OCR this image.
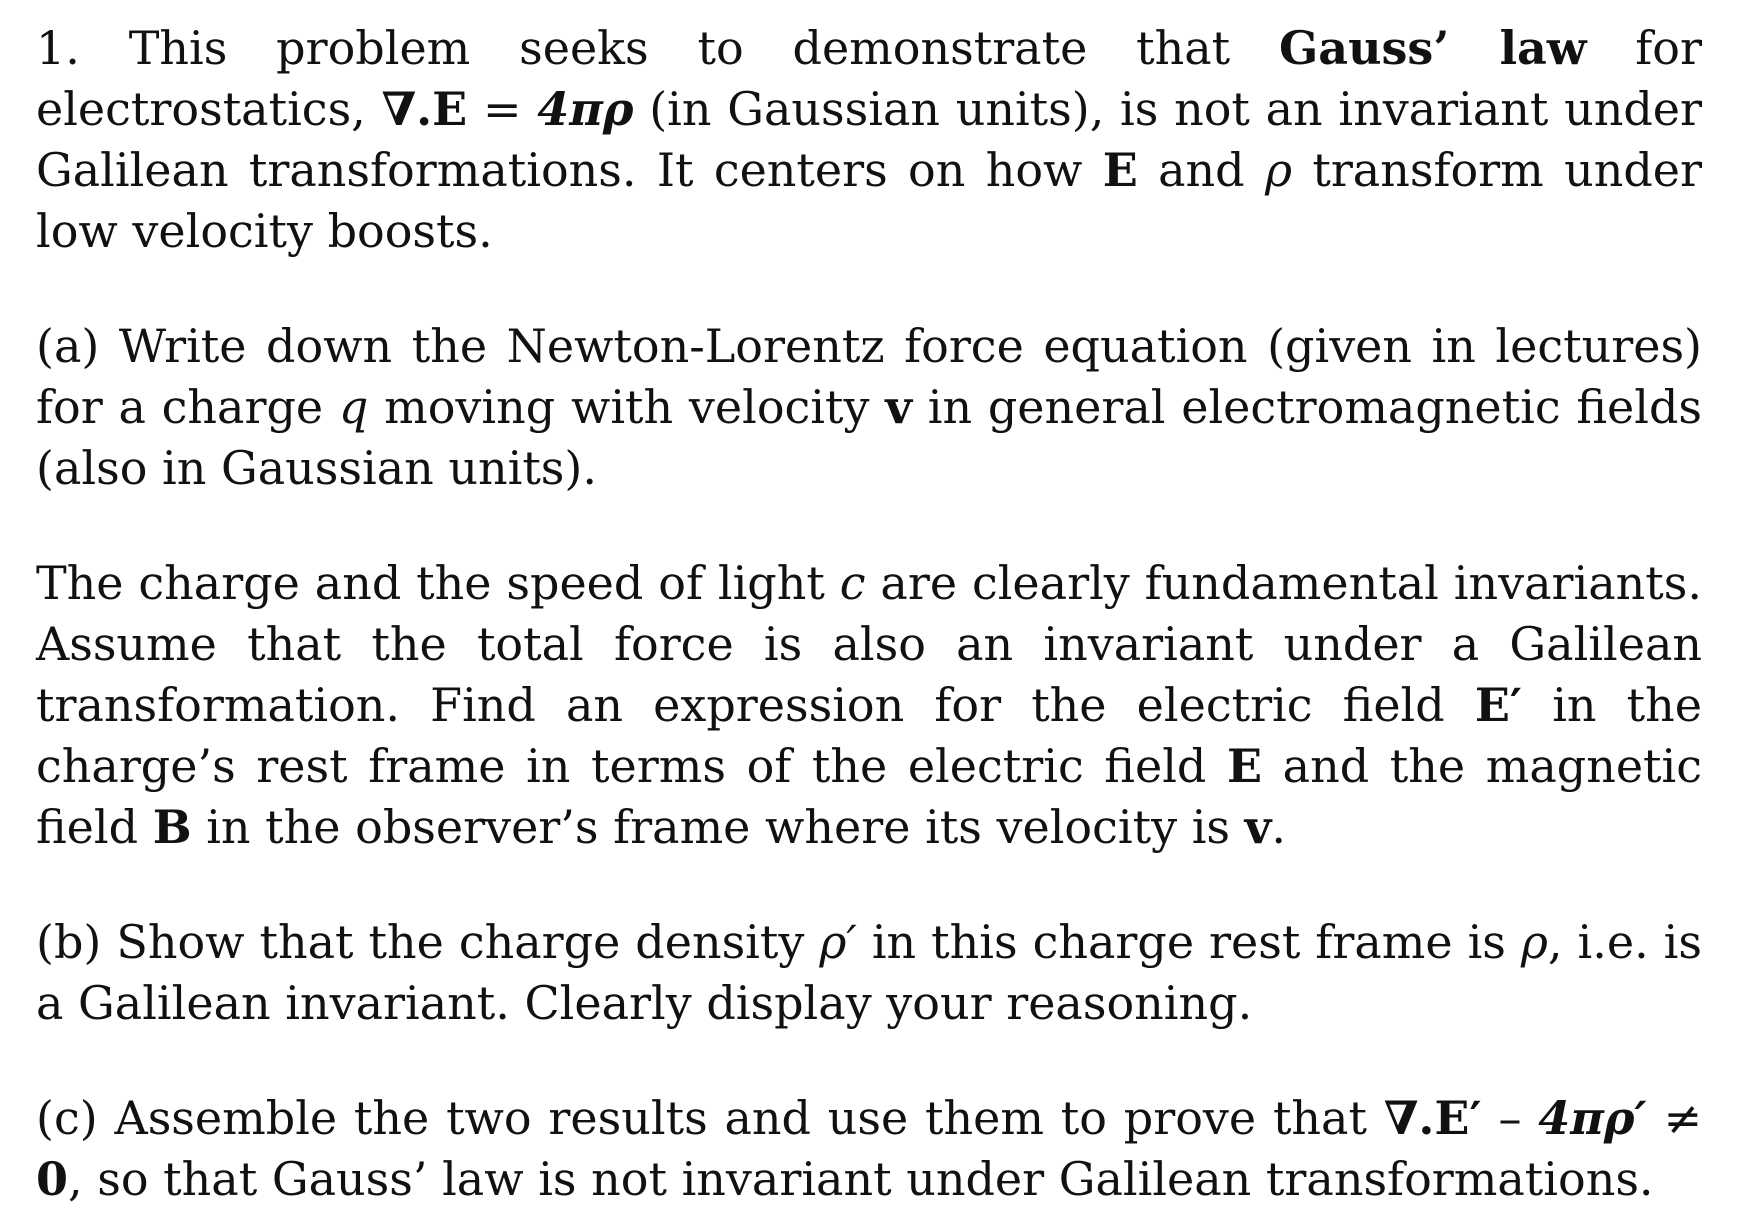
1. This problem seeks to demonstrate that Gauss’ law for electrostatics, ∇.E = 4πρ (in Gaussian units), is not an invariant under Galilean transformations. It centers on how E and ρ transform under low velocity boosts.

(a) Write down the Newton-Lorentz force equation (given in lectures) for a charge q moving with velocity v in general electromagnetic fields (also in Gaussian units).

The charge and the speed of light c are clearly fundamental invariants. Assume that the total force is also an invariant under a Galilean transformation. Find an expression for the electric field E′ in the charge’s rest frame in terms of the electric field E and the magnetic field B in the observer’s frame where its velocity is v.

(b) Show that the charge density ρ′ in this charge rest frame is ρ, i.e. is a Galilean invariant. Clearly display your reasoning.

(c) Assemble the two results and use them to prove that ∇.E′ – 4πρ′ ≠ 0, so that Gauss’ law is not invariant under Galilean transformations.
